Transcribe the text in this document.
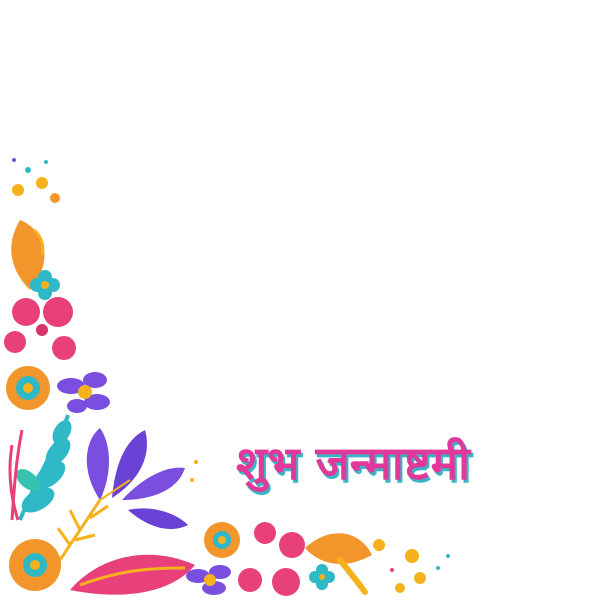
शुभ जन्माष्टमी
